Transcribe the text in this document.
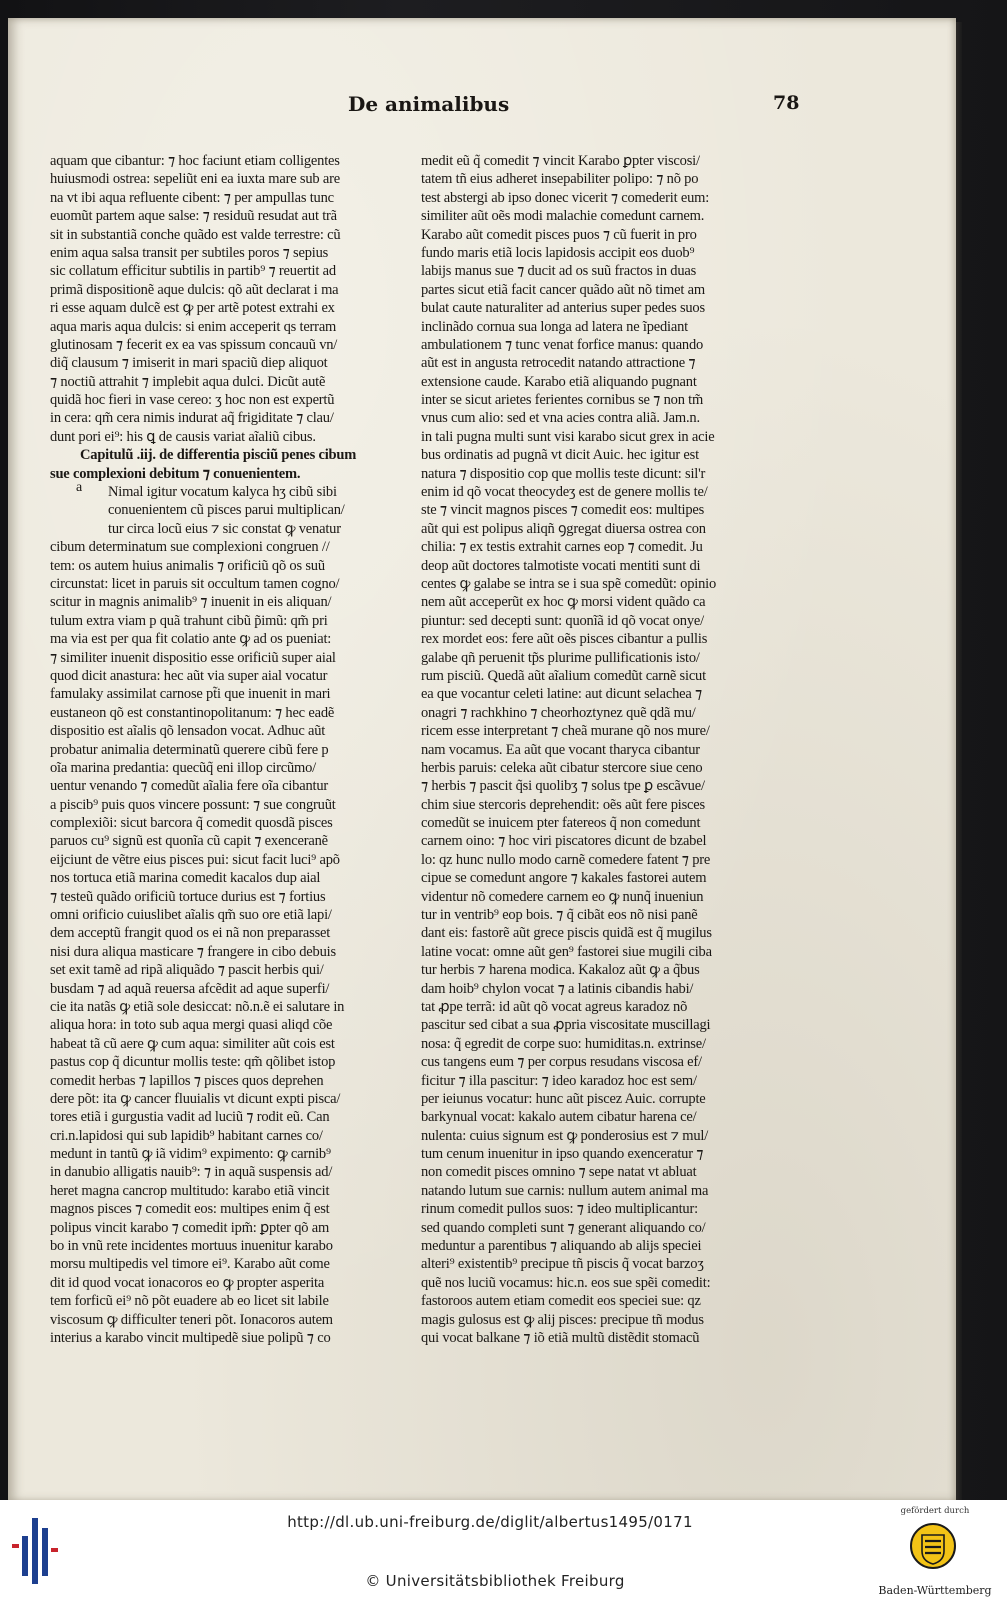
De animalibus	78
a
aquam que cibantur: ⁊ hoc faciunt etiam colligentes
huiusmodi ostrea: sepeliũt eni ea iuxta mare sub are
na vt ibi aqua refluente cibent: ⁊ per ampullas tunc
euomũt partem aque salse: ⁊ residuũ resudat aut trã
sit in substantiã conche quãdo est valde terrestre: cũ
enim aqua salsa transit per subtiles poros ⁊ sepius
sic collatum efficitur subtilis in partib⁹ ⁊ reuertit ad
primã dispositionẽ aque dulcis: qõ aũt declarat i ma
ri esse aquam dulcẽ est ꝙ per artẽ potest extrahi ex
aqua maris aqua dulcis: si enim acceperit qs terram
glutinosam ⁊ fecerit ex ea vas spissum concauũ vn/
diq̃ clausum ⁊ imiserit in mari spaciũ diep aliquot
⁊ noctiũ attrahit ⁊ implebit aqua dulci. Dicũt autẽ
quidã hoc fieri in vase cereo: ʒ hoc non est expertũ
in cera: qm̃ cera nimis indurat aq̃ frigiditate ⁊ clau/
dunt pori ei⁹: his ꝗ de causis variat aĩaliũ cibus.
Capitulũ .iij. de differentia pisciũ penes cibum
sue complexioni debitum ⁊ conuenientem.
Nimal igitur vocatum kalyca hʒ cibũ sibi
conuenientem cũ pisces parui multiplican/
tur circa locũ eius ⁊ sic constat ꝙ venatur
cibum determinatum sue complexioni congruen //
tem: os autem huius animalis ⁊ orificiũ qõ os suũ
circunstat: licet in paruis sit occultum tamen cogno/
scitur in magnis animalib⁹ ⁊ inuenit in eis aliquan/
tulum extra viam p quã trahunt cibũ p̃imũ: qm̃ pri
ma via est per qua fit colatio ante ꝙ ad os pueniat:
⁊ similiter inuenit dispositio esse orificiũ super aial
quod dicit anastura: hec aũt via super aial vocatur
famulaky assimilat carnose pt̃i que inuenit in mari
eustaneon qõ est constantinopolitanum: ⁊ hec eadẽ
dispositio est aĩalis qõ lensadon vocat. Adhuc aũt
probatur animalia determinatũ querere cibũ fere p
oĩa marina predantia: quecũq̃ eni illop circũmo/
uentur venando ⁊ comedũt aĩalia fere oĩa cibantur
a piscib⁹ puis quos vincere possunt: ⁊ sue congruũt
complexiõi: sicut barcora q̃ comedit quosdã pisces
paruos cu⁹ signũ est quonĩa cũ capit ⁊ exenceranẽ
eijciunt de vẽtre eius pisces pui: sicut facit luci⁹ apõ
nos tortuca etiã marina comedit kacalos dup aial
⁊ testeũ quãdo orificiũ tortuce durius est ⁊ fortius
omni orificio cuiuslibet aĩalis qm̃ suo ore etiã lapi/
dem acceptũ frangit quod os ei nã non preparasset
nisi dura aliqua masticare ⁊ frangere in cibo debuis
set exit tamẽ ad ripã aliquãdo ⁊ pascit herbis qui/
busdam ⁊ ad aquã reuersa afcẽdit ad aque superfi/
cie ita natãs ꝙ etiã sole desiccat: nõ.n.ẽ ei salutare in
aliqua hora: in toto sub aqua mergi quasi aliqd cõe
habeat tã cũ aere ꝙ cum aqua: similiter aũt cois est
pastus cop q̃ dicuntur mollis teste: qm̃ qõlibet istop
comedit herbas ⁊ lapillos ⁊ pisces quos deprehen
dere põt: ita ꝙ cancer fluuialis vt dicunt expti pisca/
tores etiã i gurgustia vadit ad luciũ ⁊ rodit eũ. Can
cri.n.lapidosi qui sub lapidib⁹ habitant carnes co/
medunt in tantũ ꝙ iã vidim⁹ expimento: ꝙ carnib⁹
in danubio alligatis nauib⁹: ⁊ in aquã suspensis ad/
heret magna cancrop multitudo: karabo etiã vincit
magnos pisces ⁊ comedit eos: multipes enim q̃ est
polipus vincit karabo ⁊ comedit ipm̃: ꝑpter qõ am
bo in vnũ rete incidentes mortuus inuenitur karabo
morsu multipedis vel timore ei⁹. Karabo aũt come
dit id quod vocat ionacoros eo ꝙ propter asperita
tem forficũ ei⁹ nõ põt euadere ab eo licet sit labile
viscosum ꝙ difficulter teneri põt. Ionacoros autem
interius a karabo vincit multipedẽ siue polipũ ⁊ co
medit eũ q̃ comedit ⁊ vincit Karabo ꝑpter viscosi/
tatem tñ eius adheret insepabiliter polipo: ⁊ nõ po
test abstergi ab ipso donec vicerit ⁊ comederit eum:
similiter aũt oẽs modi malachie comedunt carnem.
Karabo aũt comedit pisces puos ⁊ cũ fuerit in pro
fundo maris etiã locis lapidosis accipit eos duob⁹
labijs manus sue ⁊ ducit ad os suũ fractos in duas
partes sicut etiã facit cancer quãdo aũt nõ timet am
bulat caute naturaliter ad anterius super pedes suos
inclinãdo cornua sua longa ad latera ne ĩpediant
ambulationem ⁊ tunc venat forfice manus: quando
aũt est in angusta retrocedit natando attractione ⁊
extensione caude. Karabo etiã aliquando pugnant
inter se sicut arietes ferientes cornibus se ⁊ non tm̃
vnus cum alio: sed et vna acies contra aliã. Jam.n.
in tali pugna multi sunt visi karabo sicut grex in acie
bus ordinatis ad pugnã vt dicit Auic. hec igitur est
natura ⁊ dispositio cop que mollis teste dicunt: sil'r
enim id qõ vocat theocydeʒ est de genere mollis te/
ste ⁊ vincit magnos pisces ⁊ comedit eos: multipes
aũt qui est polipus aliqñ ꝯgregat diuersa ostrea con
chilia: ⁊ ex testis extrahit carnes eop ⁊ comedit. Ju
deop aũt doctores talmotiste vocati mentiti sunt di
centes ꝙ galabe se intra se i sua spẽ comedũt: opinio
nem aũt acceperũt ex hoc ꝙ morsi vident quãdo ca
piuntur: sed decepti sunt: quonĩã id qõ vocat onye/
rex mordet eos: fere aũt oẽs pisces cibantur a pullis
galabe qñ peruenit tp̃s plurime pullificationis isto/
rum pisciũ. Quedã aũt aĩalium comedũt carnẽ sicut
ea que vocantur celeti latine: aut dicunt selachea ⁊
onagri ⁊ rachkhino ⁊ cheorhoztynez quẽ qdã mu/
ricem esse interpretant ⁊ cheã murane qõ nos mure/
nam vocamus. Ea aũt que vocant tharyca cibantur
herbis paruis: celeka aũt cibatur stercore siue ceno
⁊ herbis ⁊ pascit q̃si quolibʒ ⁊ solus tpe ꝑ escãvue/
chim siue stercoris deprehendit: oẽs aũt fere pisces
comedũt se inuicem pter fatereos q̃ non comedunt
carnem oino: ⁊ hoc viri piscatores dicunt de bzabel
lo: qz hunc nullo modo carnẽ comedere fatent ⁊ pre
cipue se comedunt angore ⁊ kakales fastorei autem
videntur nõ comedere carnem eo ꝙ nunq̃ inueniun
tur in ventrib⁹ eop bois. ⁊ q̃ cibãt eos nõ nisi panẽ
dant eis: fastorẽ aũt grece piscis quidã est q̃ mugilus
latine vocat: omne aũt gen⁹ fastorei siue mugili ciba
tur herbis ⁊ harena modica. Kakaloz aũt ꝙ a q̃bus
dam hoib⁹ chylon vocat ⁊ a latinis cibandis habi/
tat ꝓpe terrã: id aũt qõ vocat agreus karadoz nõ
pascitur sed cibat a sua ꝓpria viscositate muscillagi
nosa: q̃ egredit de corpe suo: humiditas.n. extrinse/
cus tangens eum ⁊ per corpus resudans viscosa ef/
ficitur ⁊ illa pascitur: ⁊ ideo karadoz hoc est sem/
per ieiunus vocatur: hunc aũt piscez Auic. corrupte
barkynual vocat: kakalo autem cibatur harena ce/
nulenta: cuius signum est ꝙ ponderosius est ⁊ mul/
tum cenum inuenitur in ipso quando exenceratur ⁊
non comedit pisces omnino ⁊ sepe natat vt abluat
natando lutum sue carnis: nullum autem animal ma
rinum comedit pullos suos: ⁊ ideo multiplicantur:
sed quando completi sunt ⁊ generant aliquando co/
meduntur a parentibus ⁊ aliquando ab alijs speciei
alteri⁹ existentib⁹ precipue tñ piscis q̃ vocat barzoʒ
quẽ nos luciũ vocamus: hic.n. eos sue spẽi comedit:
fastoroos autem etiam comedit eos speciei sue: qz
magis gulosus est ꝙ alij pisces: precipue tñ modus
qui vocat balkane ⁊ iõ etiã multũ distẽdit stomacũ
http://dl.ub.uni-freiburg.de/diglit/albertus1495/0171
© Universitätsbibliothek Freiburg
gefördert durch
Baden-Württemberg
